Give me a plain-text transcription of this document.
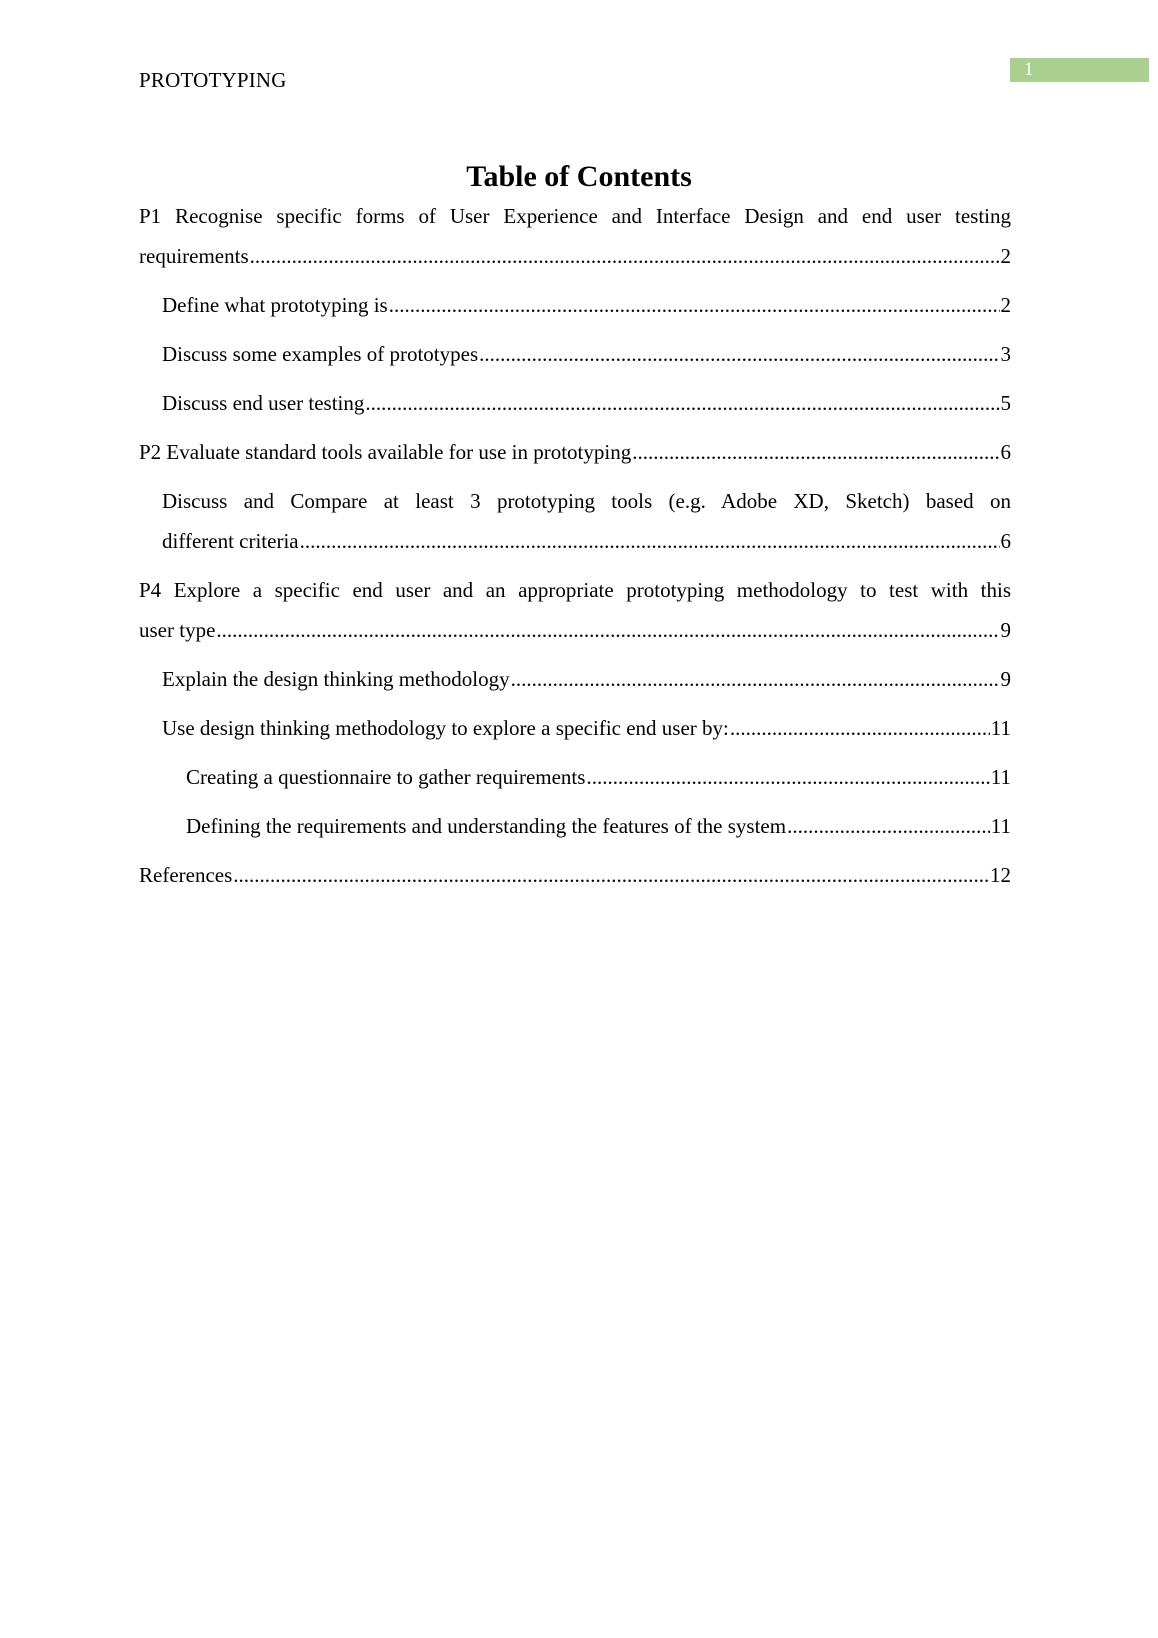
PROTOTYPING	1
Table of Contents
P1 Recognise specific forms of User Experience and Interface Design and end user testing
requirements .....	2
Define what prototyping is .....	2
Discuss some examples of prototypes .....	3
Discuss end user testing .....	5
P2 Evaluate standard tools available for use in prototyping .....	6
Discuss and Compare at least 3 prototyping tools (e.g. Adobe XD, Sketch) based on
different criteria .....	6
P4 Explore a specific end user and an appropriate prototyping methodology to test with this
user type .....	9
Explain the design thinking methodology .....	9
Use design thinking methodology to explore a specific end user by: .....	11
Creating a questionnaire to gather requirements .....	11
Defining the requirements and understanding the features of the system .....	11
References .....	12
